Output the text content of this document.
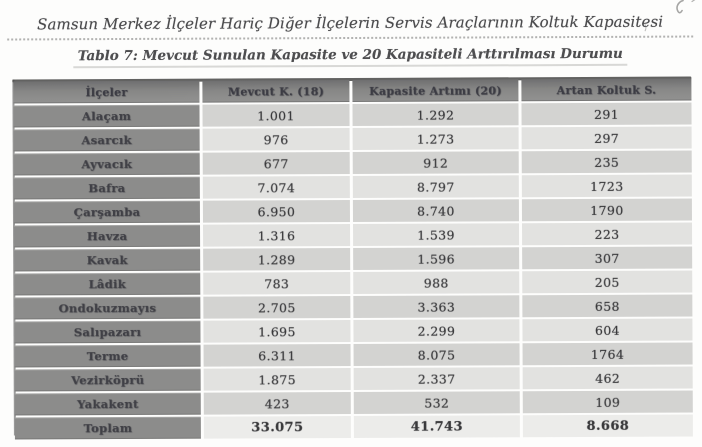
Samsun Merkez İlçeler Hariç Diğer İlçelerin Servis Araçlarının Koltuk Kapasitesi
Tablo 7: Mevcut Sunulan Kapasite ve 20 Kapasiteli Arttırılması Durumu
İlçeler	Mevcut K. (18)	Kapasite Artımı (20)	Artan Koltuk S.
Alaçam	1.001	1.292	291
Asarcık	976	1.273	297
Ayvacık	677	912	235
Bafra	7.074	8.797	1723
Çarşamba	6.950	8.740	1790
Havza	1.316	1.539	223
Kavak	1.289	1.596	307
Lâdik	783	988	205
Ondokuzmayıs	2.705	3.363	658
Salıpazarı	1.695	2.299	604
Terme	6.311	8.075	1764
Vezirköprü	1.875	2.337	462
Yakakent	423	532	109
Toplam	33.075	41.743	8.668
